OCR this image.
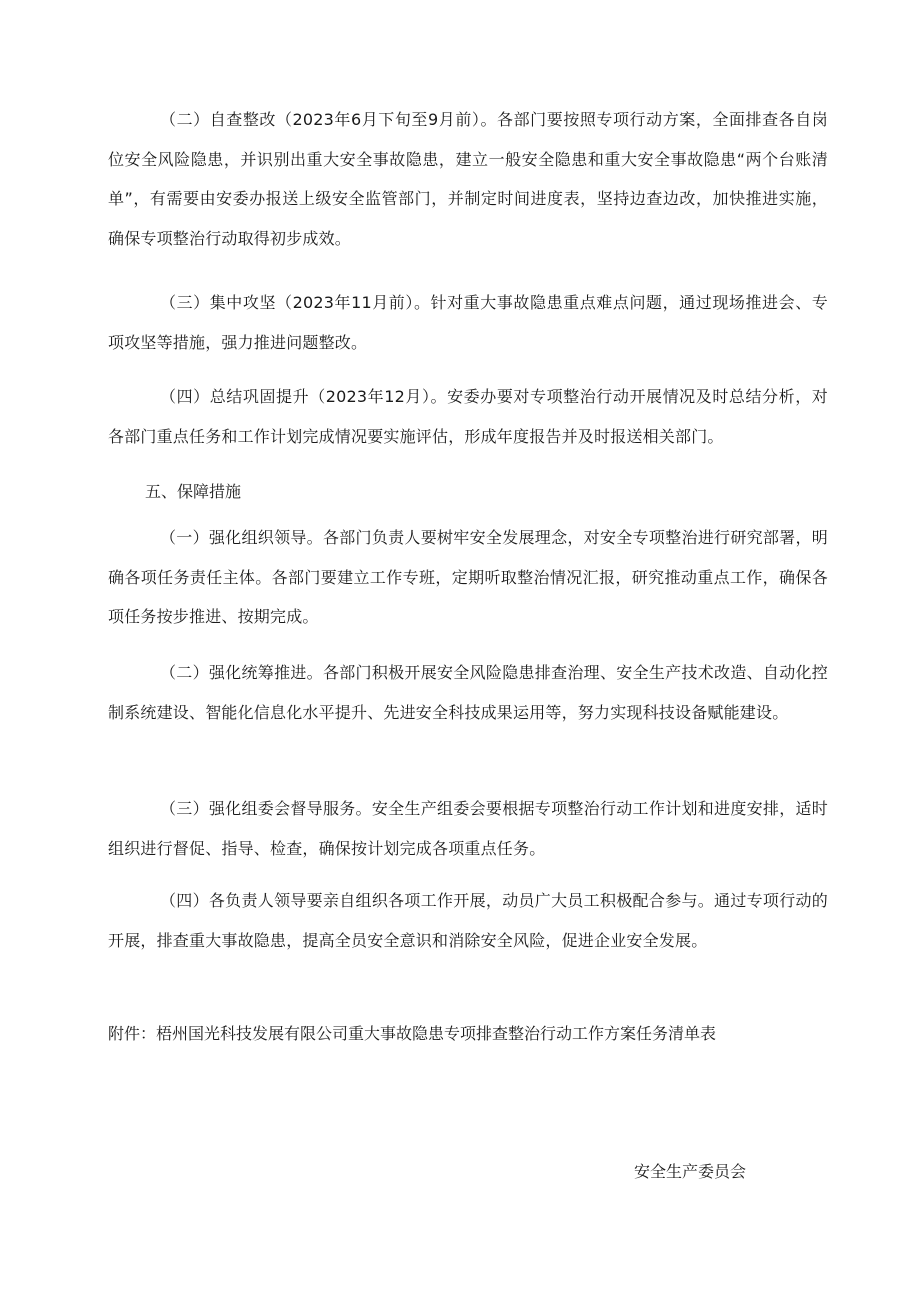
（二）自查整改（2023年6月下旬至9月前）。各部门要按照专项行动方案，全面排查各自岗位安全风险隐患，并识别出重大安全事故隐患，建立一般安全隐患和重大安全事故隐患“两个台账清单”，有需要由安委办报送上级安全监管部门，并制定时间进度表，坚持边查边改，加快推进实施，确保专项整治行动取得初步成效。

（三）集中攻坚（2023年11月前）。针对重大事故隐患重点难点问题，通过现场推进会、专项攻坚等措施，强力推进问题整改。

（四）总结巩固提升（2023年12月）。安委办要对专项整治行动开展情况及时总结分析，对各部门重点任务和工作计划完成情况要实施评估，形成年度报告并及时报送相关部门。

五、保障措施

（一）强化组织领导。各部门负责人要树牢安全发展理念，对安全专项整治进行研究部署，明确各项任务责任主体。各部门要建立工作专班，定期听取整治情况汇报，研究推动重点工作，确保各项任务按步推进、按期完成。

（二）强化统筹推进。各部门积极开展安全风险隐患排查治理、安全生产技术改造、自动化控制系统建设、智能化信息化水平提升、先进安全科技成果运用等，努力实现科技设备赋能建设。

（三）强化组委会督导服务。安全生产组委会要根据专项整治行动工作计划和进度安排，适时组织进行督促、指导、检查，确保按计划完成各项重点任务。

（四）各负责人领导要亲自组织各项工作开展，动员广大员工积极配合参与。通过专项行动的开展，排查重大事故隐患，提高全员安全意识和消除安全风险，促进企业安全发展。

附件：梧州国光科技发展有限公司重大事故隐患专项排查整治行动工作方案任务清单表

安全生产委员会
